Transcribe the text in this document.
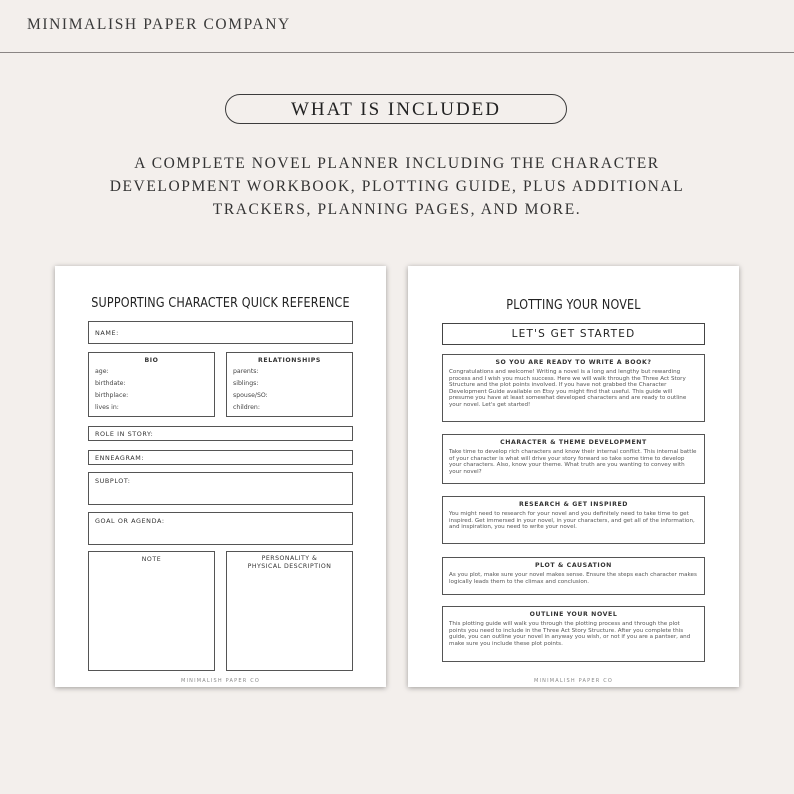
MINIMALISH PAPER COMPANY
WHAT IS INCLUDED
A COMPLETE NOVEL PLANNER INCLUDING THE CHARACTER DEVELOPMENT WORKBOOK, PLOTTING GUIDE, PLUS ADDITIONAL TRACKERS, PLANNING PAGES, AND MORE.
SUPPORTING CHARACTER QUICK REFERENCE
NAME:
BIO
age:
birthdate:
birthplace:
lives in:
RELATIONSHIPS
parents:
siblings:
spouse/SO:
children:
ROLE IN STORY:
ENNEAGRAM:
SUBPLOT:
GOAL OR AGENDA:
NOTE	PERSONALITY &
PHYSICAL DESCRIPTION
MINIMALISH PAPER CO
PLOTTING YOUR NOVEL
LET'S GET STARTED
SO YOU ARE READY TO WRITE A BOOK?
Congratulations and welcome! Writing a novel is a long and lengthy but rewarding process and I wish you much success. Here we will walk through the Three Act Story Structure and the plot points involved. If you have not grabbed the Character Development Guide available on Etsy you might find that useful. This guide will presume you have at least somewhat developed characters and are ready to outline your novel. Let's get started!
CHARACTER & THEME DEVELOPMENT
Take time to develop rich characters and know their internal conflict. This internal battle of your character is what will drive your story forward so take some time to develop your characters. Also, know your theme. What truth are you wanting to convey with your novel?
RESEARCH & GET INSPIRED
You might need to research for your novel and you definitely need to take time to get inspired. Get immersed in your novel, in your characters, and get all of the information, and inspiration, you need to write your novel.
PLOT & CAUSATION
As you plot, make sure your novel makes sense. Ensure the steps each character makes logically leads them to the climax and conclusion.
OUTLINE YOUR NOVEL
This plotting guide will walk you through the plotting process and through the plot points you need to include in the Three Act Story Structure. After you complete this guide, you can outline your novel in anyway you wish, or not if you are a pantser, and make sure you include these plot points.
MINIMALISH PAPER CO
